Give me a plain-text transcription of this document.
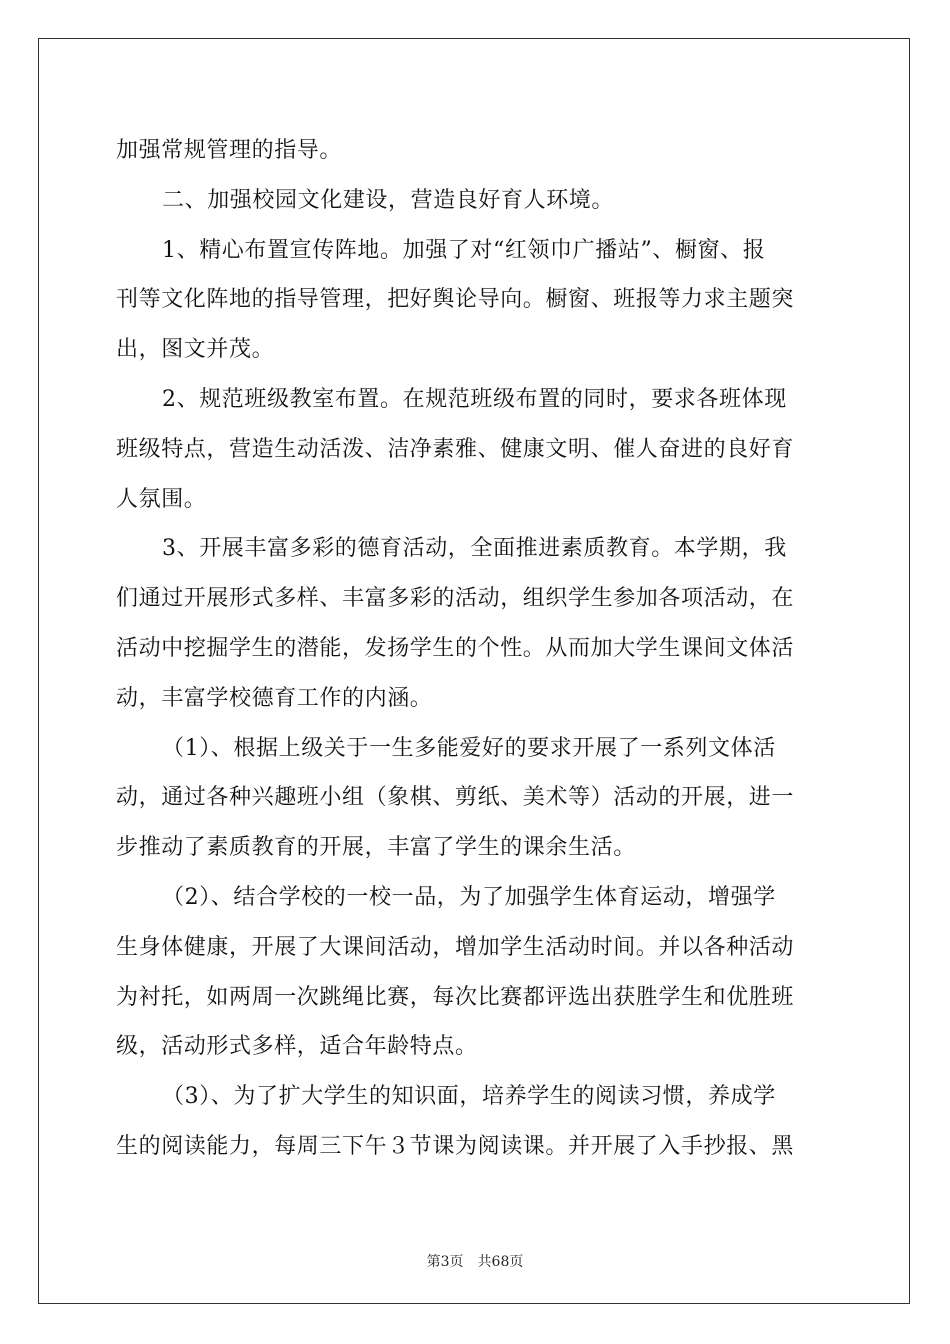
加强常规管理的指导。
二、加强校园文化建设，营造良好育人环境。
1、精心布置宣传阵地。加强了对“红领巾广播站”、橱窗、报
刊等文化阵地的指导管理，把好舆论导向。橱窗、班报等力求主题突
出，图文并茂。
2、规范班级教室布置。在规范班级布置的同时，要求各班体现
班级特点，营造生动活泼、洁净素雅、健康文明、催人奋进的良好育
人氛围。
3、开展丰富多彩的德育活动，全面推进素质教育。本学期，我
们通过开展形式多样、丰富多彩的活动，组织学生参加各项活动，在
活动中挖掘学生的潜能，发扬学生的个性。从而加大学生课间文体活
动，丰富学校德育工作的内涵。
（1）、根据上级关于一生多能爱好的要求开展了一系列文体活
动，通过各种兴趣班小组（象棋、剪纸、美术等）活动的开展，进一
步推动了素质教育的开展，丰富了学生的课余生活。
（2）、结合学校的一校一品，为了加强学生体育运动，增强学
生身体健康，开展了大课间活动，增加学生活动时间。并以各种活动
为衬托，如两周一次跳绳比赛，每次比赛都评选出获胜学生和优胜班
级，活动形式多样，适合年龄特点。
（3）、为了扩大学生的知识面，培养学生的阅读习惯，养成学
生的阅读能力，每周三下午３节课为阅读课。并开展了入手抄报、黑
第3页 共68页
